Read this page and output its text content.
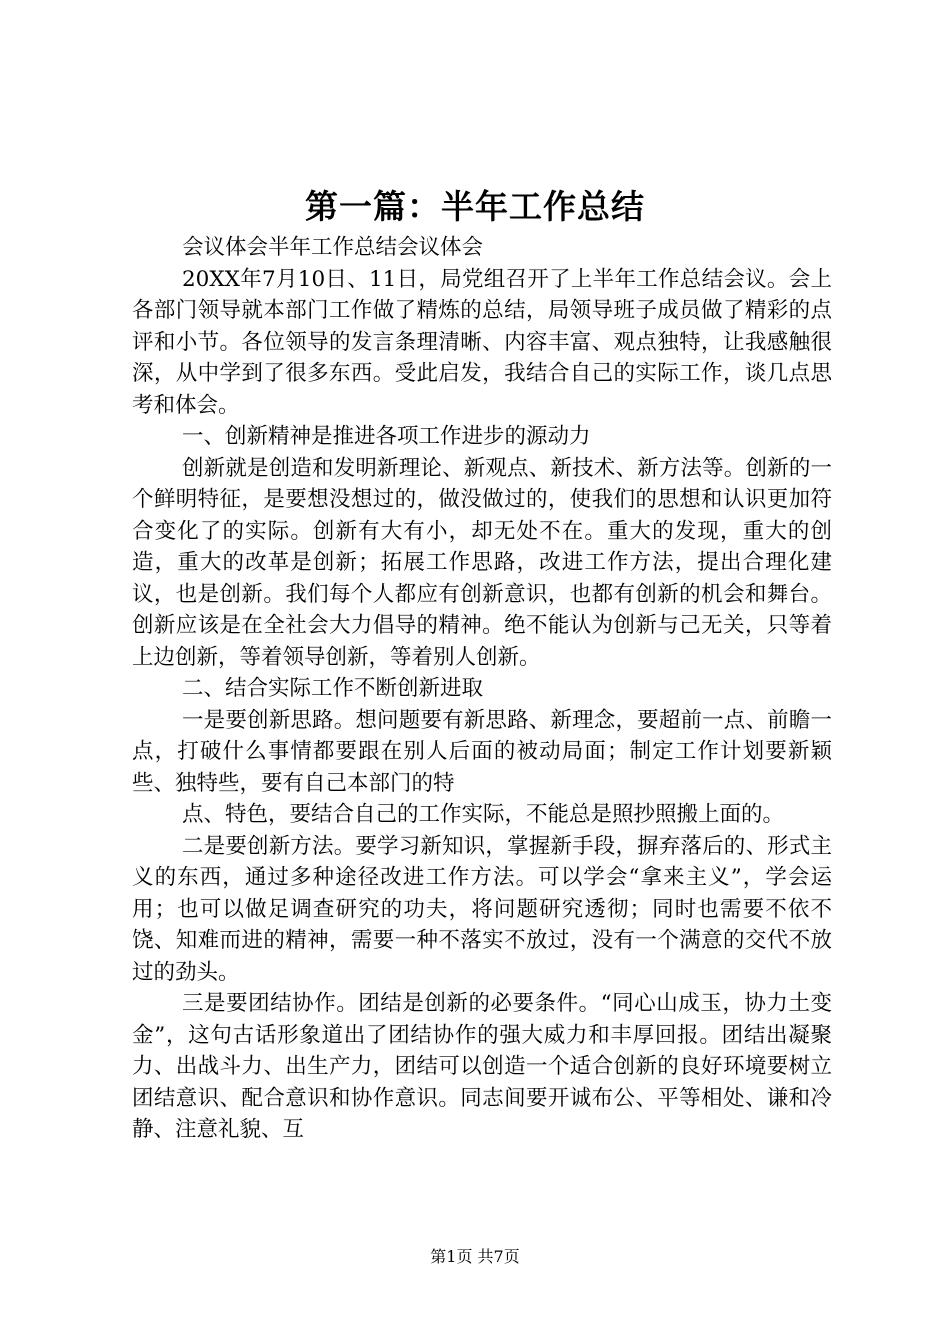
第一篇：半年工作总结

会议体会半年工作总结会议体会

20XX年7月10日、11日，局党组召开了上半年工作总结会议。会上各部门领导就本部门工作做了精炼的总结，局领导班子成员做了精彩的点评和小节。各位领导的发言条理清晰、内容丰富、观点独特，让我感触很深，从中学到了很多东西。受此启发，我结合自己的实际工作，谈几点思考和体会。

一、创新精神是推进各项工作进步的源动力

创新就是创造和发明新理论、新观点、新技术、新方法等。创新的一个鲜明特征，是要想没想过的，做没做过的，使我们的思想和认识更加符合变化了的实际。创新有大有小，却无处不在。重大的发现，重大的创造，重大的改革是创新；拓展工作思路，改进工作方法，提出合理化建议，也是创新。我们每个人都应有创新意识，也都有创新的机会和舞台。创新应该是在全社会大力倡导的精神。绝不能认为创新与己无关，只等着上边创新，等着领导创新，等着别人创新。

二、结合实际工作不断创新进取

一是要创新思路。想问题要有新思路、新理念，要超前一点、前瞻一点，打破什么事情都要跟在别人后面的被动局面；制定工作计划要新颖些、独特些，要有自己本部门的特

点、特色，要结合自己的工作实际，不能总是照抄照搬上面的。

二是要创新方法。要学习新知识，掌握新手段，摒弃落后的、形式主义的东西，通过多种途径改进工作方法。可以学会“拿来主义”，学会运用；也可以做足调查研究的功夫，将问题研究透彻；同时也需要不依不饶、知难而进的精神，需要一种不落实不放过，没有一个满意的交代不放过的劲头。

三是要团结协作。团结是创新的必要条件。“同心山成玉，协力土变金”，这句古话形象道出了团结协作的强大威力和丰厚回报。团结出凝聚力、出战斗力、出生产力，团结可以创造一个适合创新的良好环境要树立团结意识、配合意识和协作意识。同志间要开诚布公、平等相处、谦和冷静、注意礼貌、互

第1页 共7页
